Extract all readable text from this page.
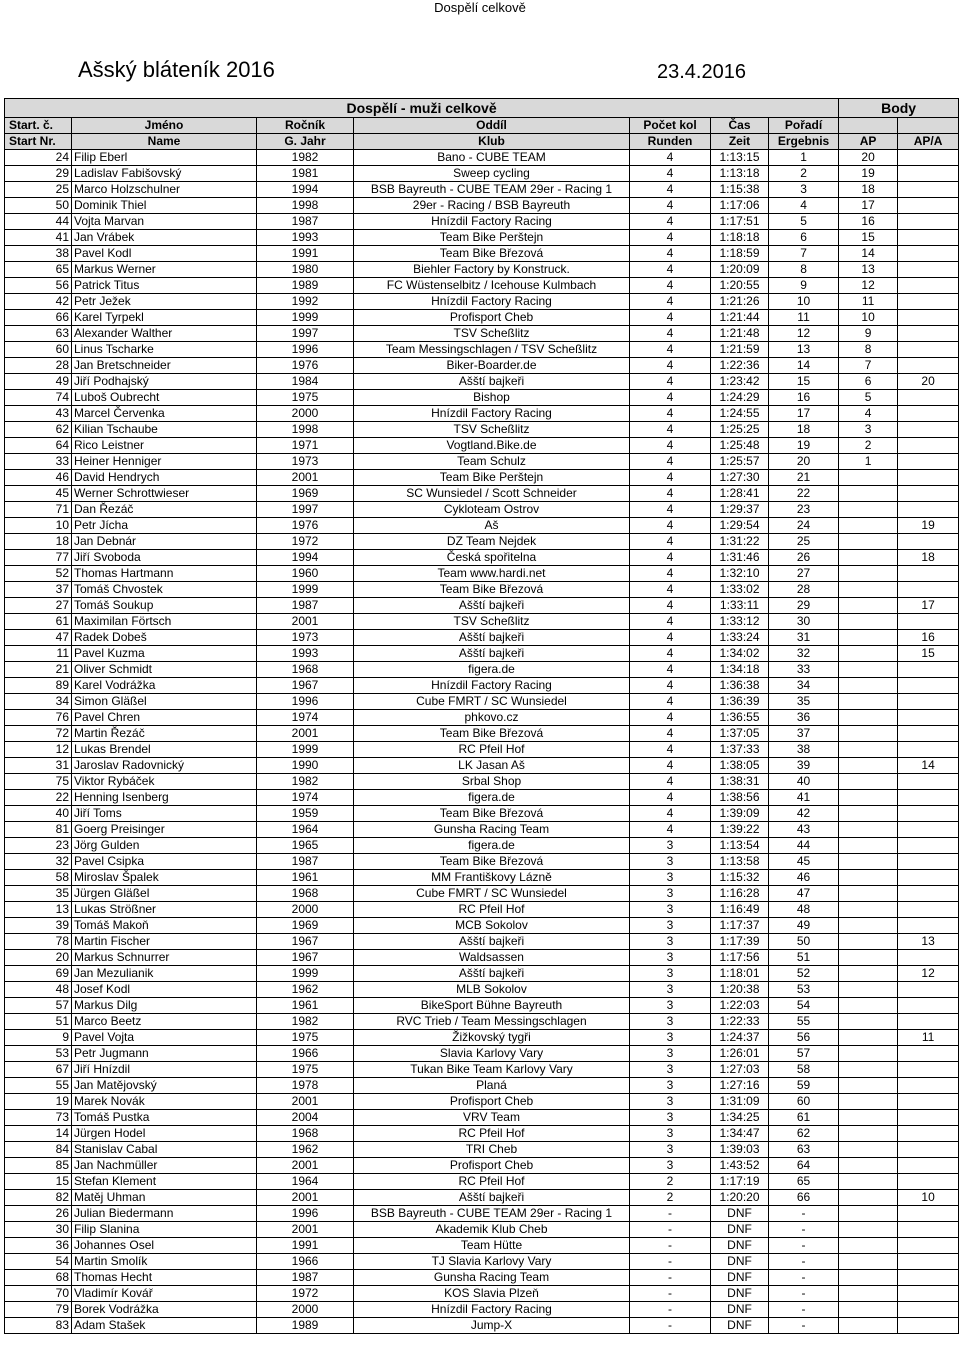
Dospělí celkově
Ašský bláteník 2016	23.4.2016
Dospělí - muži celkově							Body	
Start. č.	Jméno	Ročník	Oddíl	Počet kol	Čas	Pořadí		
Start Nr.	Name	G. Jahr	Klub	Runden	Zeit	Ergebnis	AP	AP/A
24	Filip Eberl	1982	Bano - CUBE TEAM	4	1:13:15	1	20	
29	Ladislav Fabišovský	1981	Sweep cycling	4	1:13:18	2	19	
25	Marco Holzschulner	1994	BSB Bayreuth - CUBE TEAM 29er - Racing 1	4	1:15:38	3	18	
50	Dominik Thiel	1998	29er - Racing / BSB Bayreuth	4	1:17:06	4	17	
44	Vojta Marvan	1987	Hnízdil Factory Racing	4	1:17:51	5	16	
41	Jan Vrábek	1993	Team Bike Perštejn	4	1:18:18	6	15	
38	Pavel Kodl	1991	Team Bike Březová	4	1:18:59	7	14	
65	Markus Werner	1980	Biehler Factory by Konstruck.	4	1:20:09	8	13	
56	Patrick Titus	1989	FC Wüstenselbitz / Icehouse Kulmbach	4	1:20:55	9	12	
42	Petr Ježek	1992	Hnízdil Factory Racing	4	1:21:26	10	11	
66	Karel Tyrpekl	1999	Profisport Cheb	4	1:21:44	11	10	
63	Alexander Walther	1997	TSV Scheßlitz	4	1:21:48	12	9	
60	Linus Tscharke	1996	Team Messingschlagen / TSV Scheßlitz	4	1:21:59	13	8	
28	Jan Bretschneider	1976	Biker-Boarder.de	4	1:22:36	14	7	
49	Jiří Podhajský	1984	Ašští bajkeři	4	1:23:42	15	6	20
74	Luboš Oubrecht	1975	Bishop	4	1:24:29	16	5	
43	Marcel Červenka	2000	Hnízdil Factory Racing	4	1:24:55	17	4	
62	Kilian Tschaube	1998	TSV Scheßlitz	4	1:25:25	18	3	
64	Rico Leistner	1971	Vogtland.Bike.de	4	1:25:48	19	2	
33	Heiner Henniger	1973	Team Schulz	4	1:25:57	20	1	
46	David Hendrych	2001	Team Bike Perštejn	4	1:27:30	21		
45	Werner Schrottwieser	1969	SC Wunsiedel / Scott Schneider	4	1:28:41	22		
71	Dan Řezáč	1997	Cykloteam Ostrov	4	1:29:37	23		
10	Petr Jícha	1976	Aš	4	1:29:54	24		19
18	Jan Debnár	1972	DZ Team Nejdek	4	1:31:22	25		
77	Jiří Svoboda	1994	Česká spořitelna	4	1:31:46	26		18
52	Thomas Hartmann	1960	Team www.hardi.net	4	1:32:10	27		
37	Tomáš Chvostek	1999	Team Bike Březová	4	1:33:02	28		
27	Tomáš Soukup	1987	Ašští bajkeři	4	1:33:11	29		17
61	Maximilan Förtsch	2001	TSV Scheßlitz	4	1:33:12	30		
47	Radek Dobeš	1973	Ašští bajkeři	4	1:33:24	31		16
11	Pavel Kuzma	1993	Ašští bajkeři	4	1:34:02	32		15
21	Oliver Schmidt	1968	figera.de	4	1:34:18	33		
89	Karel Vodrážka	1967	Hnízdil Factory Racing	4	1:36:38	34		
34	Simon Gläßel	1996	Cube FMRT / SC Wunsiedel	4	1:36:39	35		
76	Pavel Chren	1974	phkovo.cz	4	1:36:55	36		
72	Martin Řezáč	2001	Team Bike Březová	4	1:37:05	37		
12	Lukas Brendel	1999	RC Pfeil Hof	4	1:37:33	38		
31	Jaroslav Radovnický	1990	LK Jasan Aš	4	1:38:05	39		14
75	Viktor Rybáček	1982	Srbal Shop	4	1:38:31	40		
22	Henning Isenberg	1974	figera.de	4	1:38:56	41		
40	Jiří Toms	1959	Team Bike Březová	4	1:39:09	42		
81	Goerg Preisinger	1964	Gunsha Racing Team	4	1:39:22	43		
23	Jörg Gulden	1965	figera.de	3	1:13:54	44		
32	Pavel Csipka	1987	Team Bike Březová	3	1:13:58	45		
58	Miroslav Špalek	1961	MM Františkovy Lázně	3	1:15:32	46		
35	Jürgen Gläßel	1968	Cube FMRT / SC Wunsiedel	3	1:16:28	47		
13	Lukas Strößner	2000	RC Pfeil Hof	3	1:16:49	48		
39	Tomáš Makoň	1969	MCB Sokolov	3	1:17:37	49		
78	Martin Fischer	1967	Ašští bajkeři	3	1:17:39	50		13
20	Markus Schnurrer	1967	Waldsassen	3	1:17:56	51		
69	Jan Mezulianik	1999	Ašští bajkeři	3	1:18:01	52		12
48	Josef Kodl	1962	MLB Sokolov	3	1:20:38	53		
57	Markus Dilg	1961	BikeSport Bühne Bayreuth	3	1:22:03	54		
51	Marco Beetz	1982	RVC Trieb / Team Messingschlagen	3	1:22:33	55		
9	Pavel Vojta	1975	Žižkovský tygři	3	1:24:37	56		11
53	Petr Jugmann	1966	Slavia Karlovy Vary	3	1:26:01	57		
67	Jiří Hnízdil	1975	Tukan Bike Team Karlovy Vary	3	1:27:03	58		
55	Jan Matějovský	1978	Planá	3	1:27:16	59		
19	Marek Novák	2001	Profisport Cheb	3	1:31:09	60		
73	Tomáš Pustka	2004	VRV Team	3	1:34:25	61		
14	Jürgen Hodel	1968	RC Pfeil Hof	3	1:34:47	62		
84	Stanislav Cabal	1962	TRI Cheb	3	1:39:03	63		
85	Jan Nachmüller	2001	Profisport Cheb	3	1:43:52	64		
15	Stefan Klement	1964	RC Pfeil Hof	2	1:17:19	65		
82	Matěj Uhman	2001	Ašští bajkeři	2	1:20:20	66		10
26	Julian Biedermann	1996	BSB Bayreuth - CUBE TEAM 29er - Racing 1	-	DNF	-		
30	Filip Slanina	2001	Akademik Klub Cheb	-	DNF	-		
36	Johannes Osel	1991	Team Hütte	-	DNF	-		
54	Martin Smolík	1966	TJ Slavia Karlovy Vary	-	DNF	-		
68	Thomas Hecht	1987	Gunsha Racing Team	-	DNF	-		
70	Vladimír Kovář	1972	KOS Slavia Plzeň	-	DNF	-		
79	Borek Vodrážka	2000	Hnízdil Factory Racing	-	DNF	-		
83	Adam Stašek	1989	Jump-X	-	DNF	-		
